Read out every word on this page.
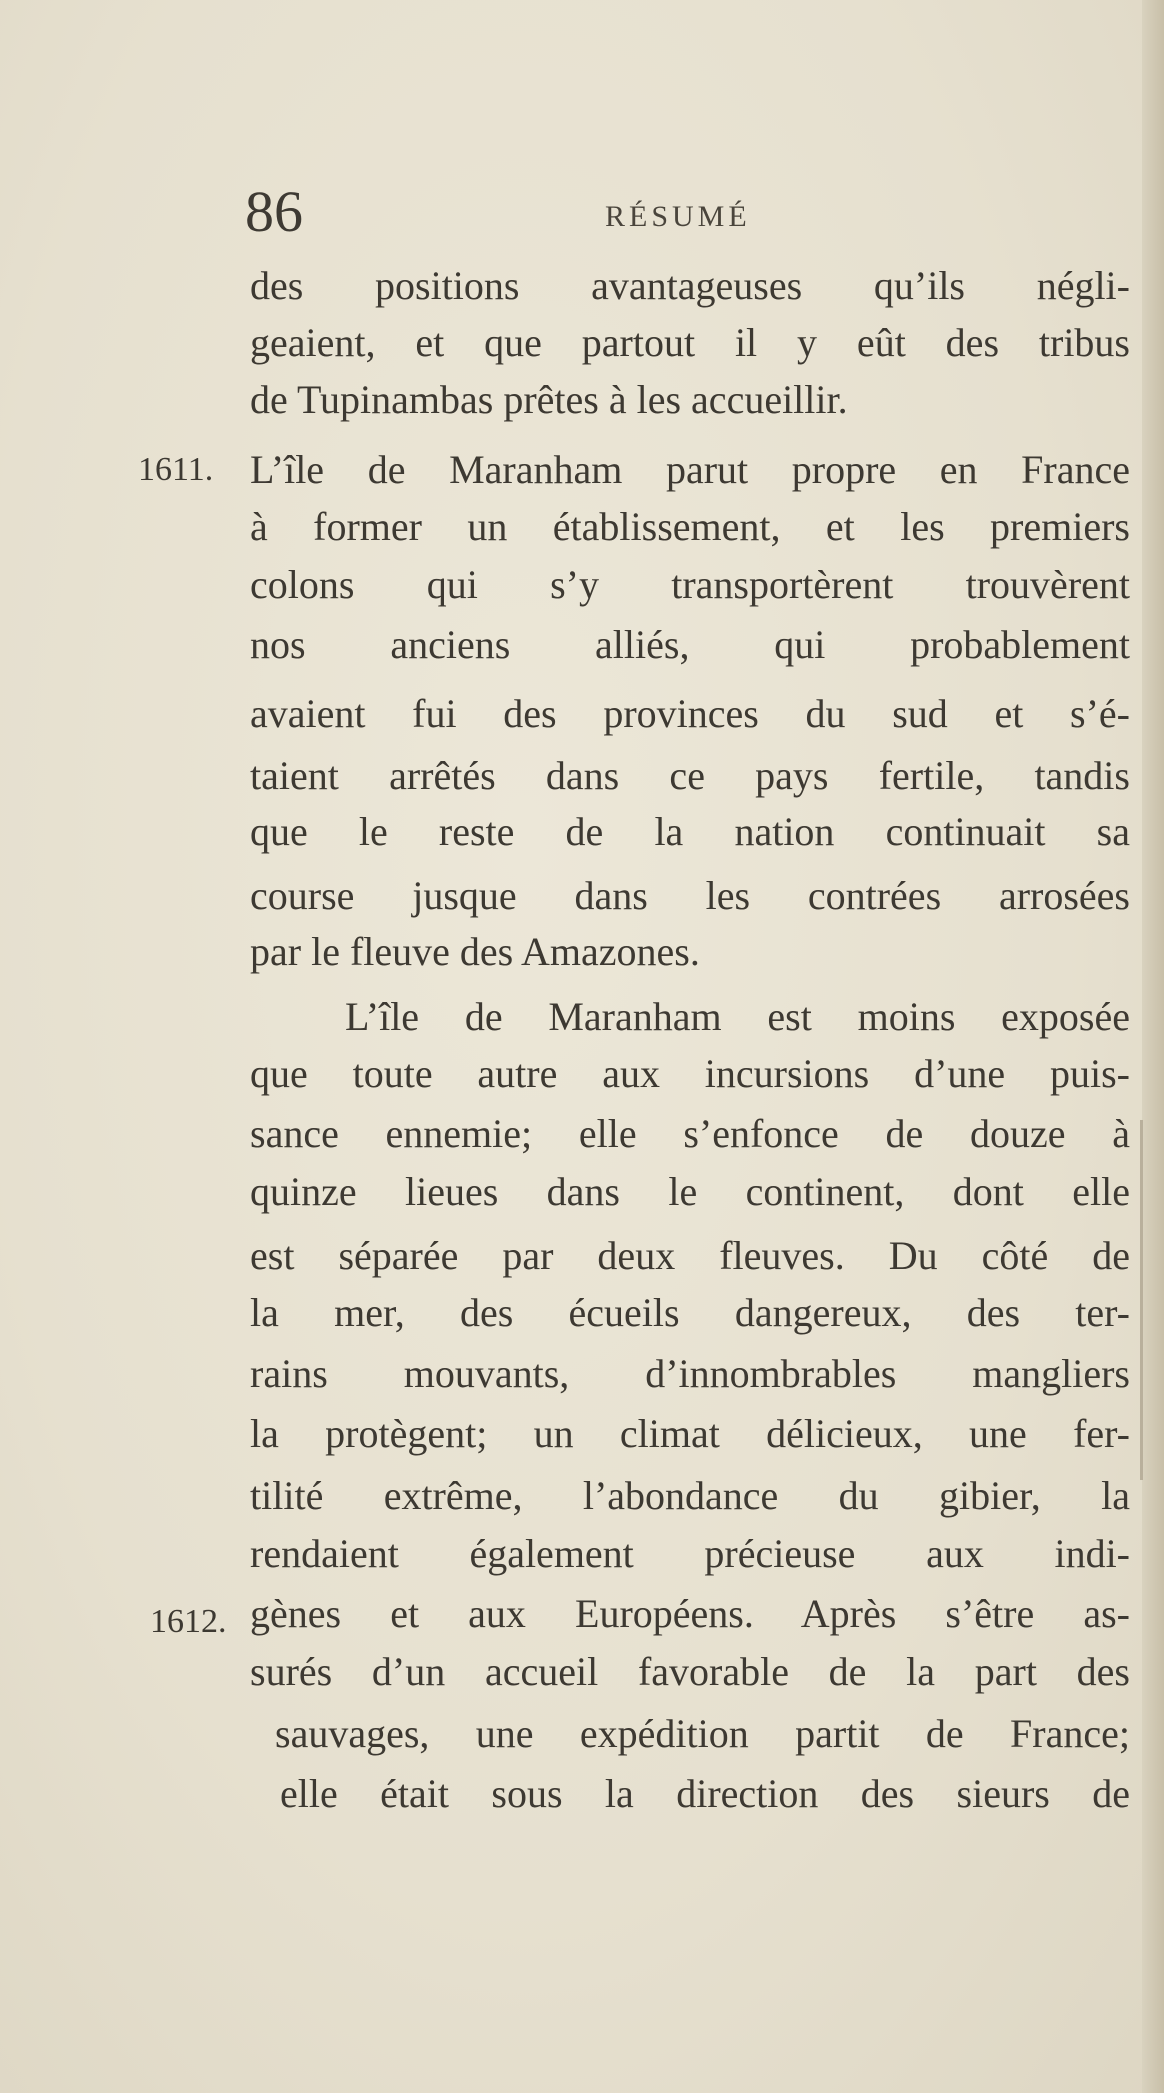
86	RÉSUMÉ
1611.
1612.
des positions avantageuses qu’ils négli-
geaient, et que partout il y eût des tribus
de Tupinambas prêtes à les accueillir.
L’île de Maranham parut propre en France
à former un établissement, et les premiers
colons qui s’y transportèrent trouvèrent
nos anciens alliés, qui probablement
avaient fui des provinces du sud et s’é-
taient arrêtés dans ce pays fertile, tandis
que le reste de la nation continuait sa
course jusque dans les contrées arrosées
par le fleuve des Amazones.
L’île de Maranham est moins exposée
que toute autre aux incursions d’une puis-
sance ennemie; elle s’enfonce de douze à
quinze lieues dans le continent, dont elle
est séparée par deux fleuves. Du côté de
la mer, des écueils dangereux, des ter-
rains mouvants, d’innombrables mangliers
la protègent; un climat délicieux, une fer-
tilité extrême, l’abondance du gibier, la
rendaient également précieuse aux indi-
gènes et aux Européens. Après s’être as-
surés d’un accueil favorable de la part des
sauvages, une expédition partit de France;
elle était sous la direction des sieurs de
